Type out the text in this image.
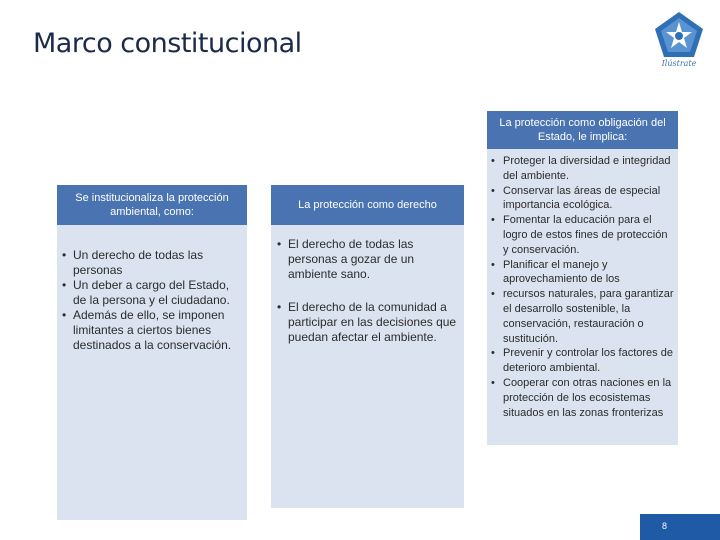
Marco constitucional
Ilústrate
Se institucionaliza la protección ambiental, como:
• Un derecho de todas las personas
• Un deber a cargo del Estado, de la persona y el ciudadano.
• Además de ello, se imponen limitantes a ciertos bienes destinados a la conservación.
La protección como derecho
• El derecho de todas las personas a gozar de un ambiente sano.
• El derecho de la comunidad a participar en las decisiones que puedan afectar el ambiente.
La protección como obligación del Estado, le implica:
• Proteger la diversidad e integridad del ambiente.
• Conservar las áreas de especial importancia ecológica.
• Fomentar la educación para el logro de estos fines de protección y conservación.
• Planificar el manejo y aprovechamiento de los
• recursos naturales, para garantizar el desarrollo sostenible, la conservación, restauración o sustitución.
• Prevenir y controlar los factores de deterioro ambiental.
• Cooperar con otras naciones en la protección de los ecosistemas situados en las zonas fronterizas
8
